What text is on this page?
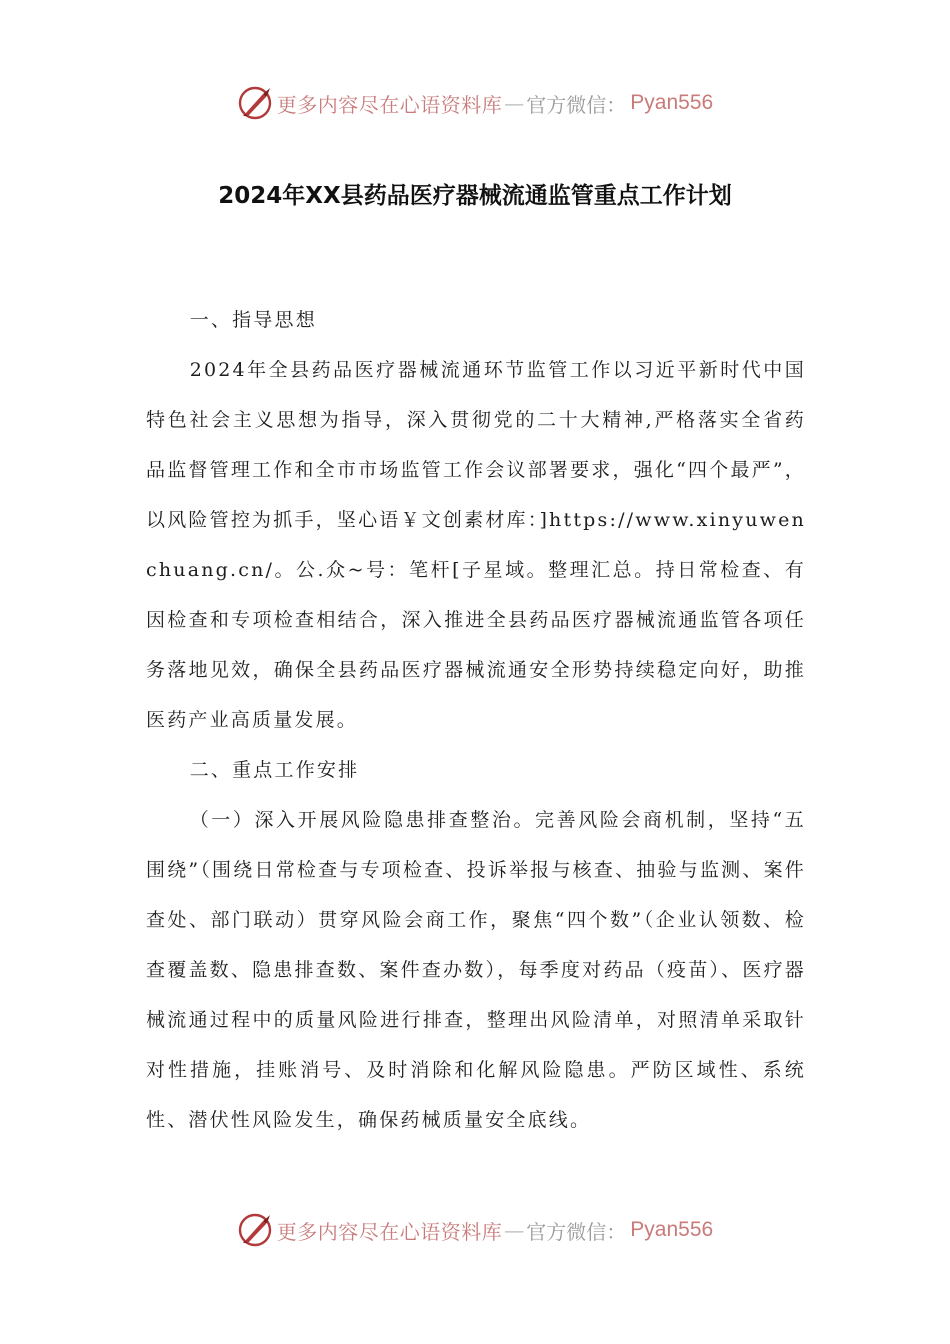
更多内容尽在心语资料库 — 官方微信： Pyan556
2024年XX县药品医疗器械流通监管重点工作计划

一、指导思想

2024年全县药品医疗器械流通环节监管工作以习近平新时代中国特色社会主义思想为指导，深入贯彻党的二十大精神,严格落实全省药品监督管理工作和全市市场监管工作会议部署要求，强化“四个最严”，以风险管控为抓手，坚心语￥文创素材库：]https://www.xinyuwenchuang.cn/。公.众~号：笔杆[子星域。整理汇总。持日常检查、有因检查和专项检查相结合，深入推进全县药品医疗器械流通监管各项任务落地见效，确保全县药品医疗器械流通安全形势持续稳定向好，助推医药产业高质量发展。

二、重点工作安排

（一）深入开展风险隐患排查整治。完善风险会商机制，坚持“五围绕”（围绕日常检查与专项检查、投诉举报与核查、抽验与监测、案件查处、部门联动）贯穿风险会商工作，聚焦“四个数”（企业认领数、检查覆盖数、隐患排查数、案件查办数），每季度对药品（疫苗）、医疗器械流通过程中的质量风险进行排查，整理出风险清单，对照清单采取针对性措施，挂账消号、及时消除和化解风险隐患。严防区域性、系统性、潜伏性风险发生，确保药械质量安全底线。

更多内容尽在心语资料库 — 官方微信： Pyan556
